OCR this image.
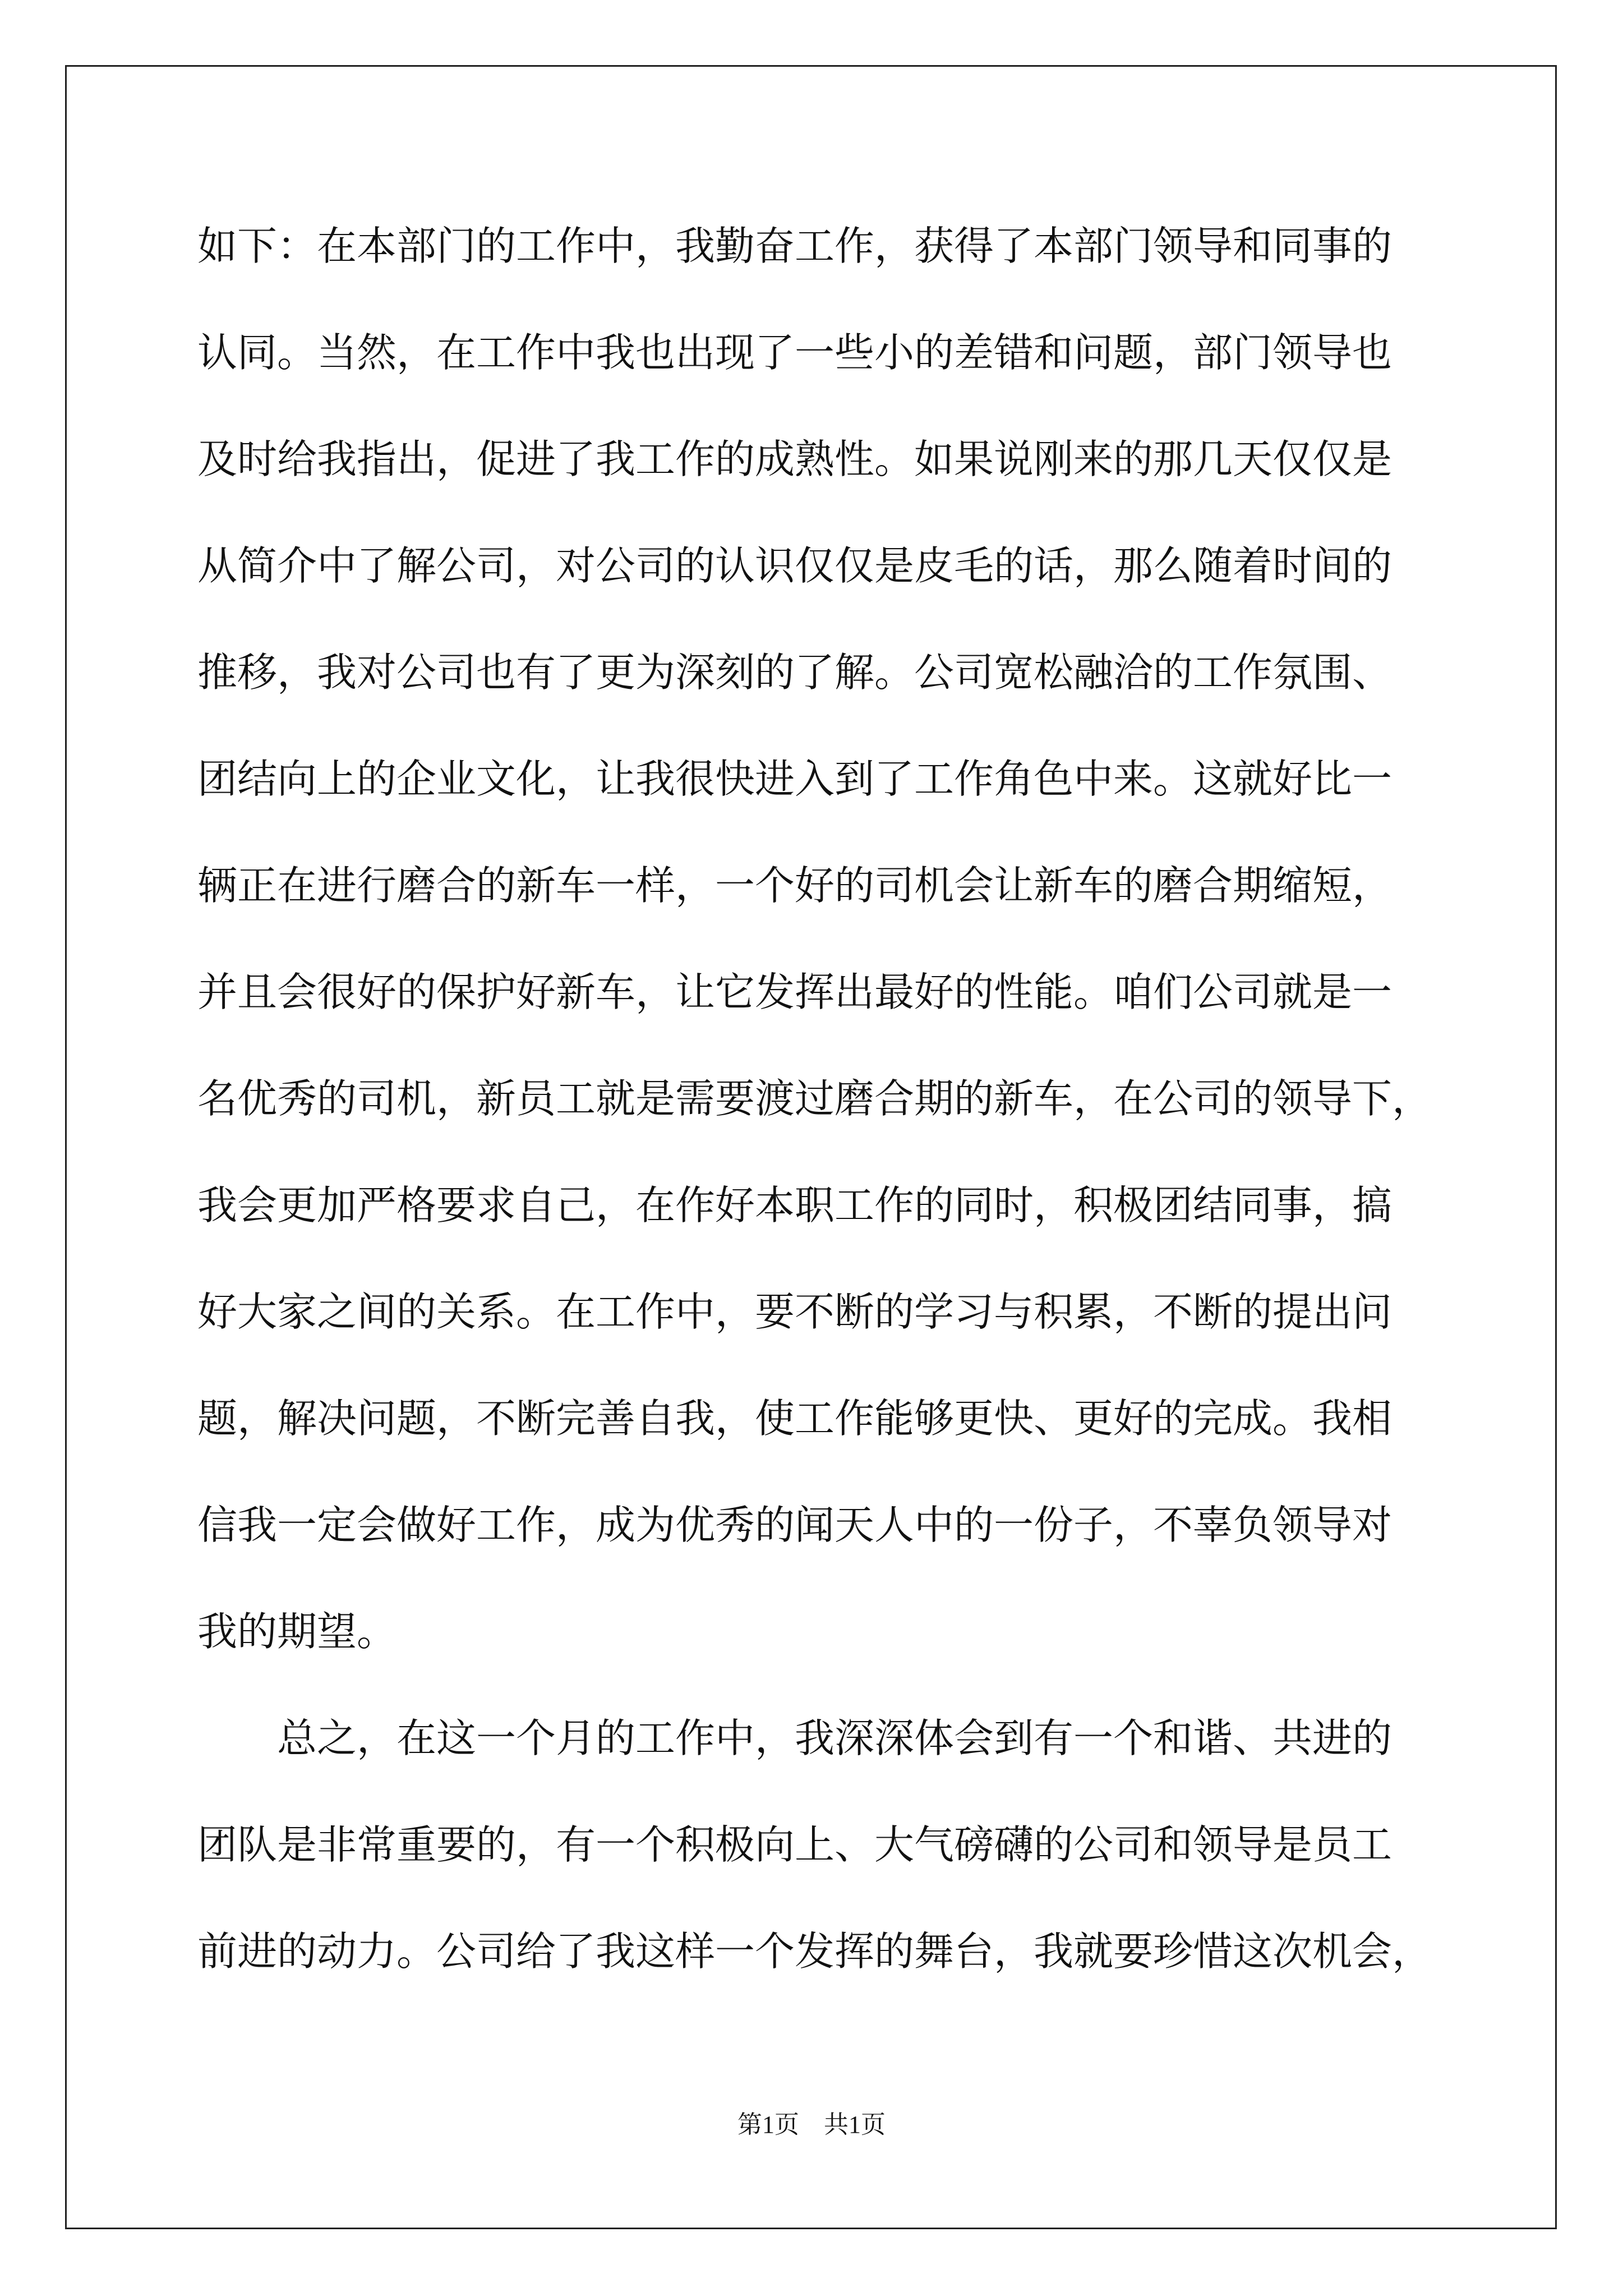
如下：在本部门的工作中，我勤奋工作，获得了本部门领导和同事的
认同。当然，在工作中我也出现了一些小的差错和问题，部门领导也
及时给我指出，促进了我工作的成熟性。如果说刚来的那几天仅仅是
从简介中了解公司，对公司的认识仅仅是皮毛的话，那么随着时间的
推移，我对公司也有了更为深刻的了解。公司宽松融洽的工作氛围、
团结向上的企业文化，让我很快进入到了工作角色中来。这就好比一
辆正在进行磨合的新车一样，一个好的司机会让新车的磨合期缩短，
并且会很好的保护好新车，让它发挥出最好的性能。咱们公司就是一
名优秀的司机，新员工就是需要渡过磨合期的新车，在公司的领导下，
我会更加严格要求自己，在作好本职工作的同时，积极团结同事，搞
好大家之间的关系。在工作中，要不断的学习与积累，不断的提出问
题，解决问题，不断完善自我，使工作能够更快、更好的完成。我相
信我一定会做好工作，成为优秀的闻天人中的一份子，不辜负领导对
我的期望。
　　总之，在这一个月的工作中，我深深体会到有一个和谐、共进的
团队是非常重要的，有一个积极向上、大气磅礴的公司和领导是员工
前进的动力。公司给了我这样一个发挥的舞台，我就要珍惜这次机会，
第1页　共1页
